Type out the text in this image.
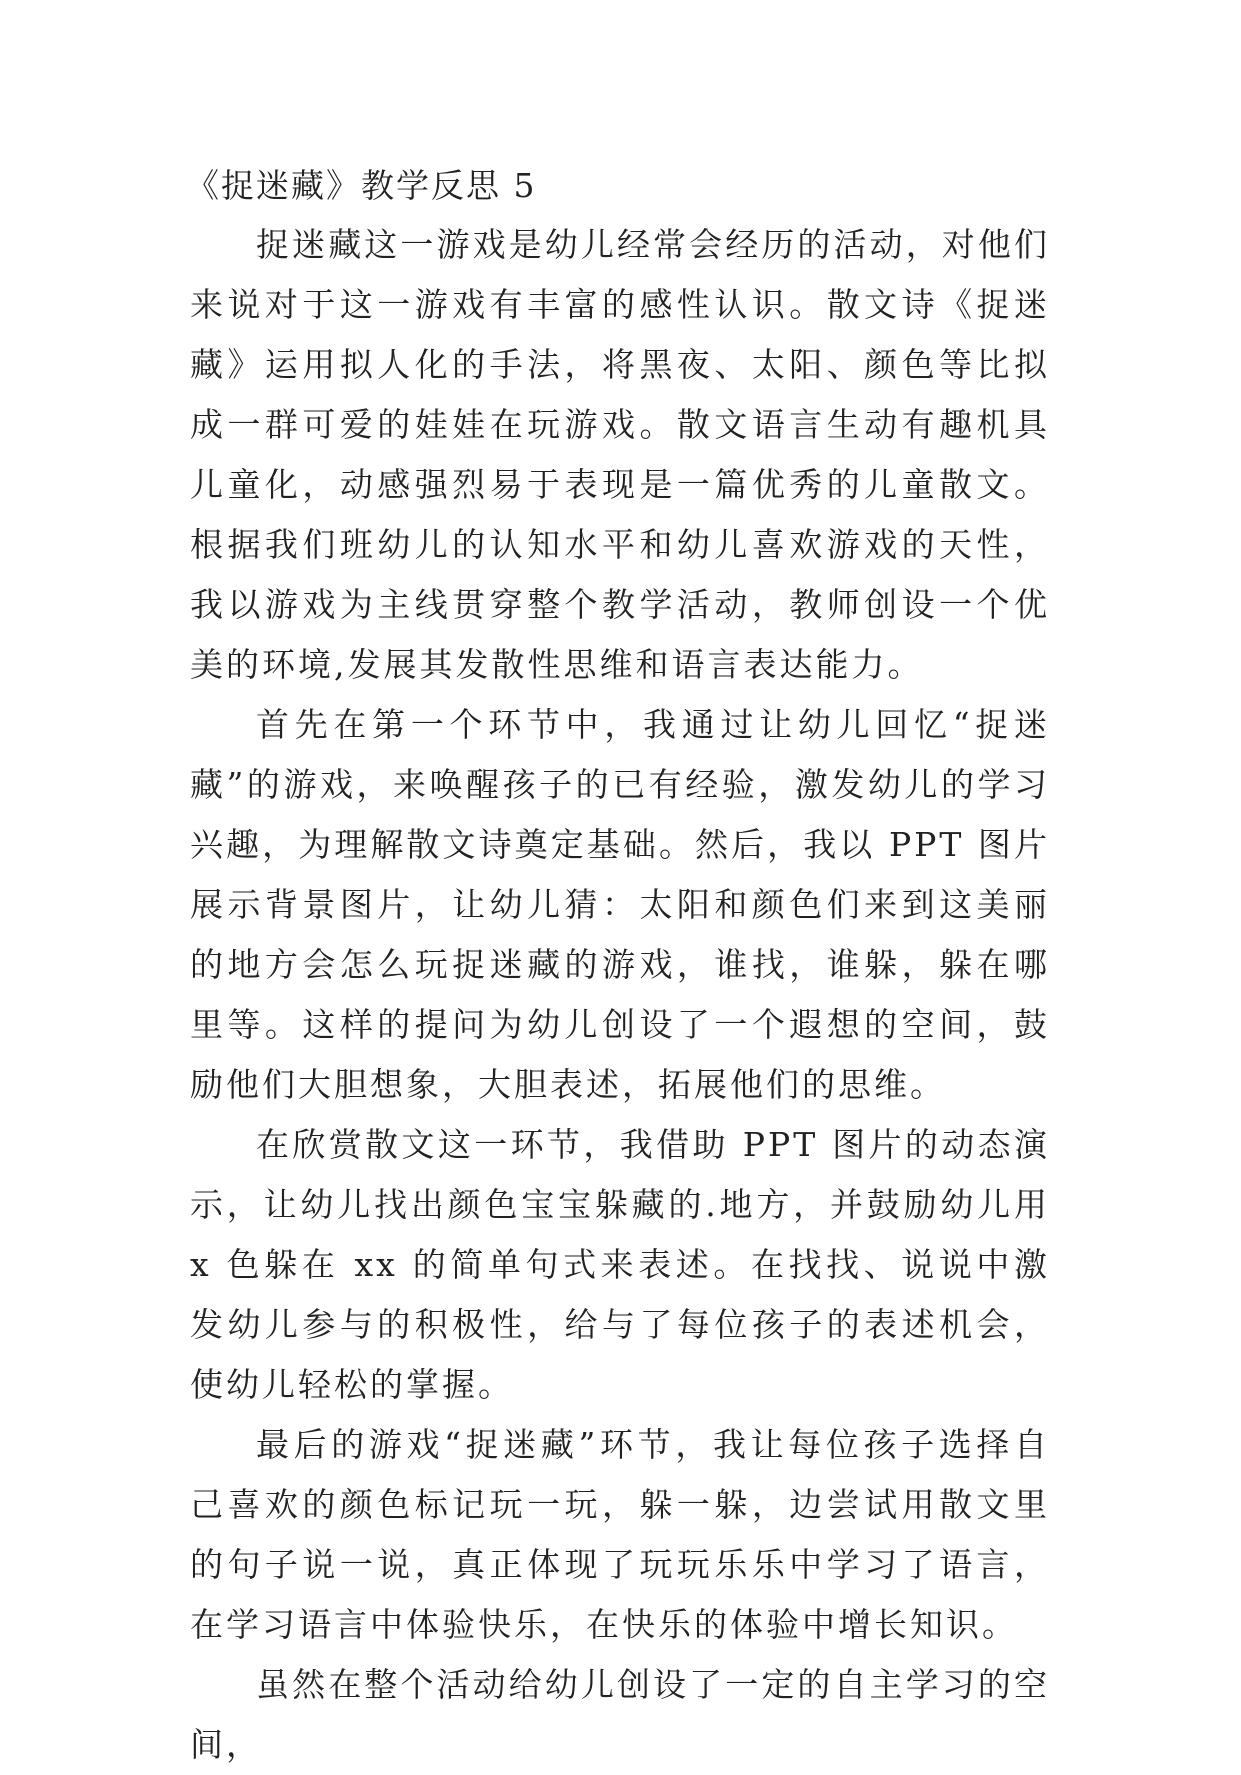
《捉迷藏》教学反思 5

捉迷藏这一游戏是幼儿经常会经历的活动，对他们来说对于这一游戏有丰富的感性认识。散文诗《捉迷藏》运用拟人化的手法，将黑夜、太阳、颜色等比拟成一群可爱的娃娃在玩游戏。散文语言生动有趣机具儿童化，动感强烈易于表现是一篇优秀的儿童散文。根据我们班幼儿的认知水平和幼儿喜欢游戏的天性，我以游戏为主线贯穿整个教学活动，教师创设一个优美的环境,发展其发散性思维和语言表达能力。

首先在第一个环节中，我通过让幼儿回忆“捉迷藏”的游戏，来唤醒孩子的已有经验，激发幼儿的学习兴趣，为理解散文诗奠定基础。然后，我以 PPT 图片展示背景图片，让幼儿猜：太阳和颜色们来到这美丽的地方会怎么玩捉迷藏的游戏，谁找，谁躲，躲在哪里等。这样的提问为幼儿创设了一个遐想的空间，鼓励他们大胆想象，大胆表述，拓展他们的思维。

在欣赏散文这一环节，我借助 PPT 图片的动态演示，让幼儿找出颜色宝宝躲藏的.地方，并鼓励幼儿用 x 色躲在 xx 的简单句式来表述。在找找、说说中激发幼儿参与的积极性，给与了每位孩子的表述机会，使幼儿轻松的掌握。

最后的游戏“捉迷藏”环节，我让每位孩子选择自己喜欢的颜色标记玩一玩，躲一躲，边尝试用散文里的句子说一说，真正体现了玩玩乐乐中学习了语言，在学习语言中体验快乐，在快乐的体验中增长知识。

虽然在整个活动给幼儿创设了一定的自主学习的空间，
